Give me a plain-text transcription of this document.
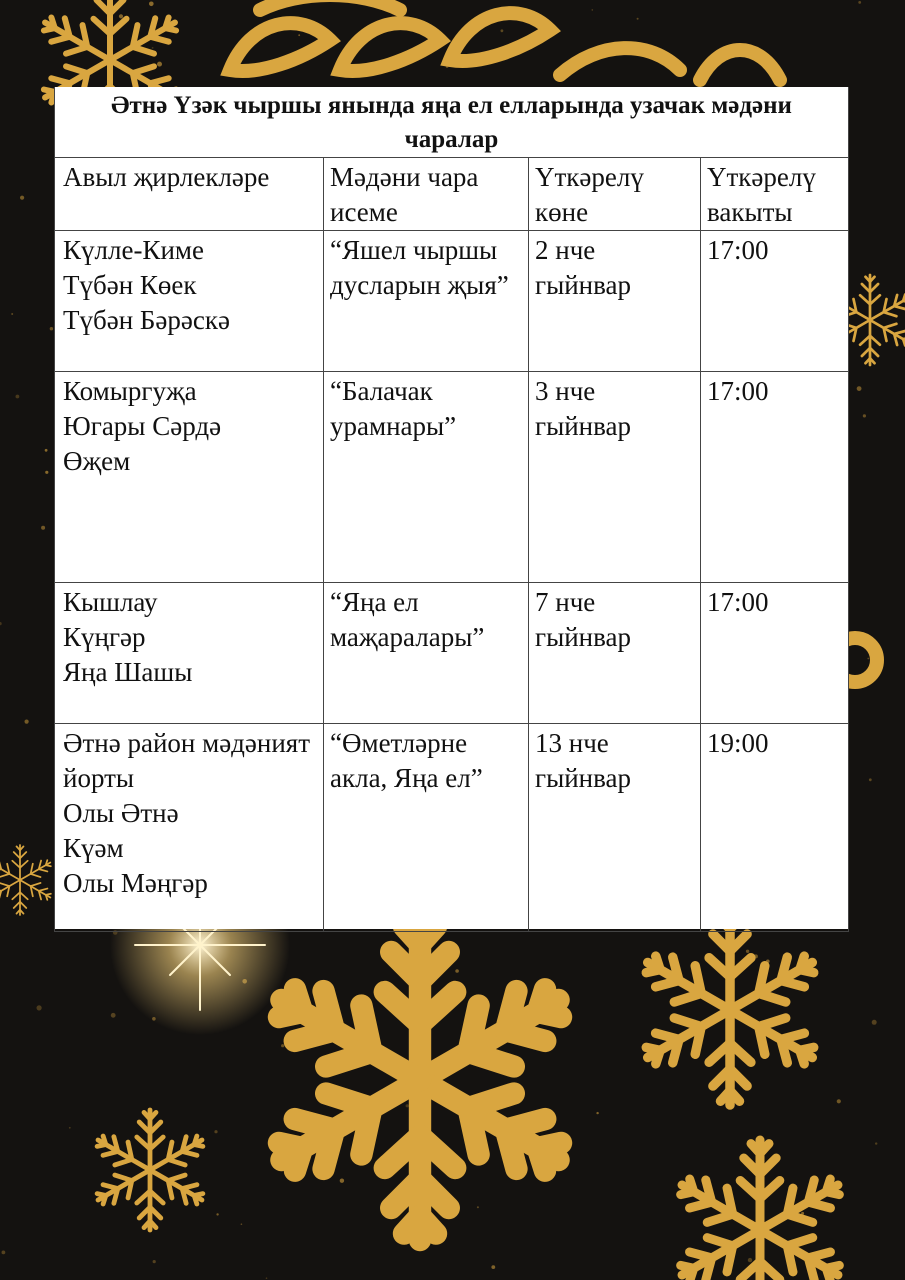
Әтнә Үзәк чыршы янында яңа ел елларында узачак мәдәни чаралар			
Авыл җирлекләре	Мәдәни чара исеме	Үткәрелү көне	Үткәрелү вакыты

Күлле-Киме
Түбән Көек
Түбән Бәрәскә	“Яшел чыршы дусларын җыя”	2 нче гыйнвар	17:00

Комыргуҗа
Югары Сәрдә
Өҗем	“Балачак урамнары”	3 нче гыйнвар	17:00

Кышлау
Күңгәр
Яңа Шашы	“Яңа ел маҗаралары”	7 нче гыйнвар	17:00
Әтнә район мәдәният йорты

Олы Әтнә
Күәм
Олы Мәңгәр	“Өметләрне акла, Яңа ел”	13 нче гыйнвар	19:00
